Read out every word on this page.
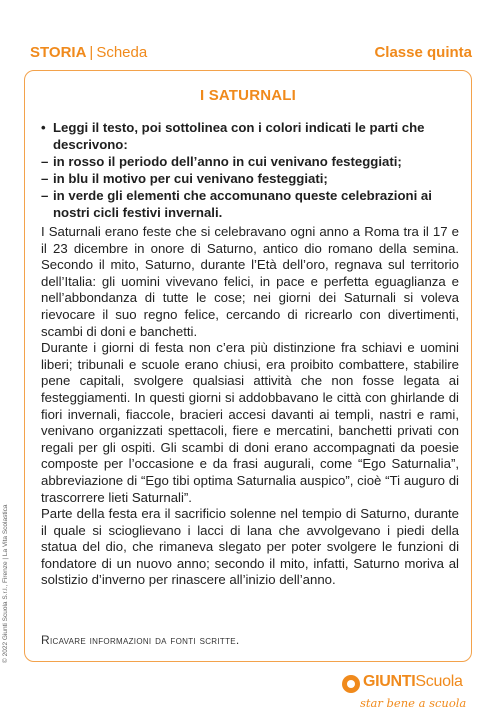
STORIA | Scheda	Classe quinta
I SATURNALI
• Leggi il testo, poi sottolinea con i colori indicati le parti che descrivono:
– in rosso il periodo dell’anno in cui venivano festeggiati;
– in blu il motivo per cui venivano festeggiati;
– in verde gli elementi che accomunano queste celebrazioni ai nostri cicli festivi invernali.

I Saturnali erano feste che si celebravano ogni anno a Roma tra il 17 e il 23 dicembre in onore di Saturno, antico dio romano della semina. Secondo il mito, Saturno, durante l’Età dell’oro, regnava sul territorio dell’Italia: gli uomini vivevano felici, in pace e perfetta eguaglianza e nell’abbondanza di tutte le cose; nei giorni dei Saturnali si voleva rievocare il suo regno felice, cercando di ricrearlo con divertimenti, scambi di doni e banchetti.

Durante i giorni di festa non c’era più distinzione fra schiavi e uomini liberi; tribunali e scuole erano chiusi, era proibito combattere, stabilire pene capitali, svolgere qualsiasi attività che non fosse legata ai festeggiamenti. In questi giorni si addobbavano le città con ghirlande di fiori invernali, fiaccole, bracieri accesi davanti ai templi, nastri e rami, venivano organizzati spettacoli, fiere e mercatini, banchetti privati con regali per gli ospiti. Gli scambi di doni erano accompagnati da poesie composte per l’occasione e da frasi augurali, come “Ego Saturnalia”, abbreviazione di “Ego tibi optima Saturnalia auspico”, cioè “Ti auguro di trascorrere lieti Saturnali”.

Parte della festa era il sacrificio solenne nel tempio di Saturno, durante il quale si scioglievano i lacci di lana che avvolgevano i piedi della statua del dio, che rimaneva slegato per poter svolgere le funzioni di fondatore di un nuovo anno; secondo il mito, infatti, Saturno moriva al solstizio d’inverno per rinascere all’inizio dell’anno.

Ricavare informazioni da fonti scritte.
© 2022 Giunti Scuola S.r.l., Firenze | La Vita Scolastica
GIUNTIScuola
star bene a scuola
